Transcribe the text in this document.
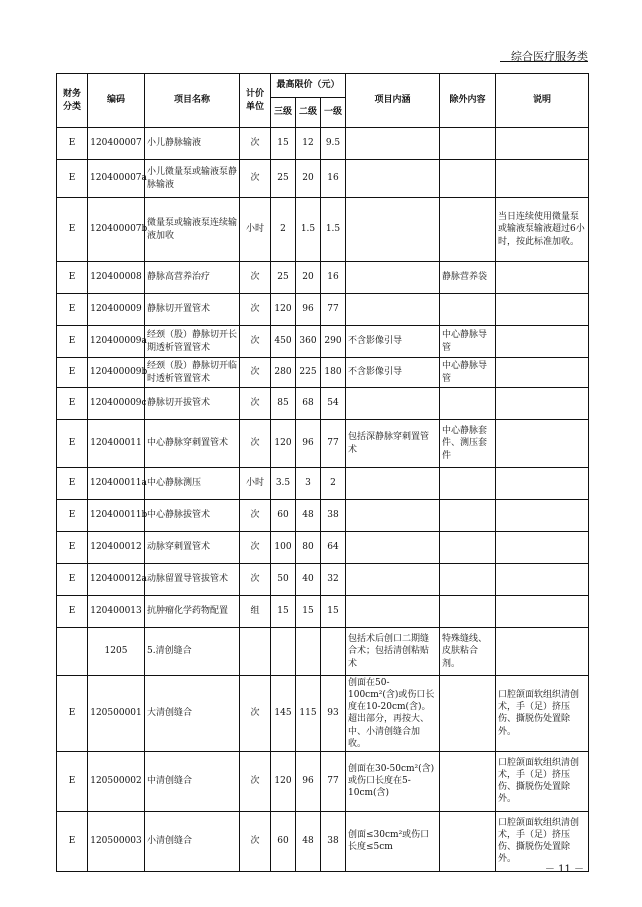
综合医疗服务类
财务分类	编码	项目名称	计价单位	最高限价（元）			项目内涵	除外内容	说明
				三级	二级	一级			
E	120400007	小儿静脉输液	次	15	12	9.5			
E	120400007a	小儿微量泵或输液泵静脉输液	次	25	20	16			
E	120400007b	微量泵或输液泵连续输液加收	小时	2	1.5	1.5			当日连续使用微量泵或输液泵输液超过6小时，按此标准加收。
E	120400008	静脉高营养治疗	次	25	20	16		静脉营养袋	
E	120400009	静脉切开置管术	次	120	96	77			
E	120400009a	经颈（股）静脉切开长期透析管置管术	次	450	360	290	不含影像引导	中心静脉导管	
E	120400009b	经颈（股）静脉切开临时透析管置管术	次	280	225	180	不含影像引导	中心静脉导管	
E	120400009c	静脉切开拔管术	次	85	68	54			
E	120400011	中心静脉穿刺置管术	次	120	96	77	包括深静脉穿刺置管术	中心静脉套件、测压套件	
E	120400011a	中心静脉测压	小时	3.5	3	2			
E	120400011b	中心静脉拔管术	次	60	48	38			
E	120400012	动脉穿刺置管术	次	100	80	64			
E	120400012a	动脉留置导管拔管术	次	50	40	32			
E	120400013	抗肿瘤化学药物配置	组	15	15	15			
	1205	5.清创缝合					包括术后创口二期缝合术；包括清创粘贴术	特殊缝线、皮肤粘合剂。	
E	120500001	大清创缝合	次	145	115	93	创面在50-100cm²(含)或伤口长度在10-20cm(含)。超出部分，再按大、中、小清创缝合加收。		口腔颌面软组织清创术，手（足）挤压伤、撕脱伤处置除外。
E	120500002	中清创缝合	次	120	96	77	创面在30-50cm²(含)或伤口长度在5-10cm(含)		口腔颌面软组织清创术，手（足）挤压伤、撕脱伤处置除外。
E	120500003	小清创缝合	次	60	48	38	创面≤30cm²或伤口长度≤5cm		口腔颌面软组织清创术，手（足）挤压伤、撕脱伤处置除外。
－ 11 －
